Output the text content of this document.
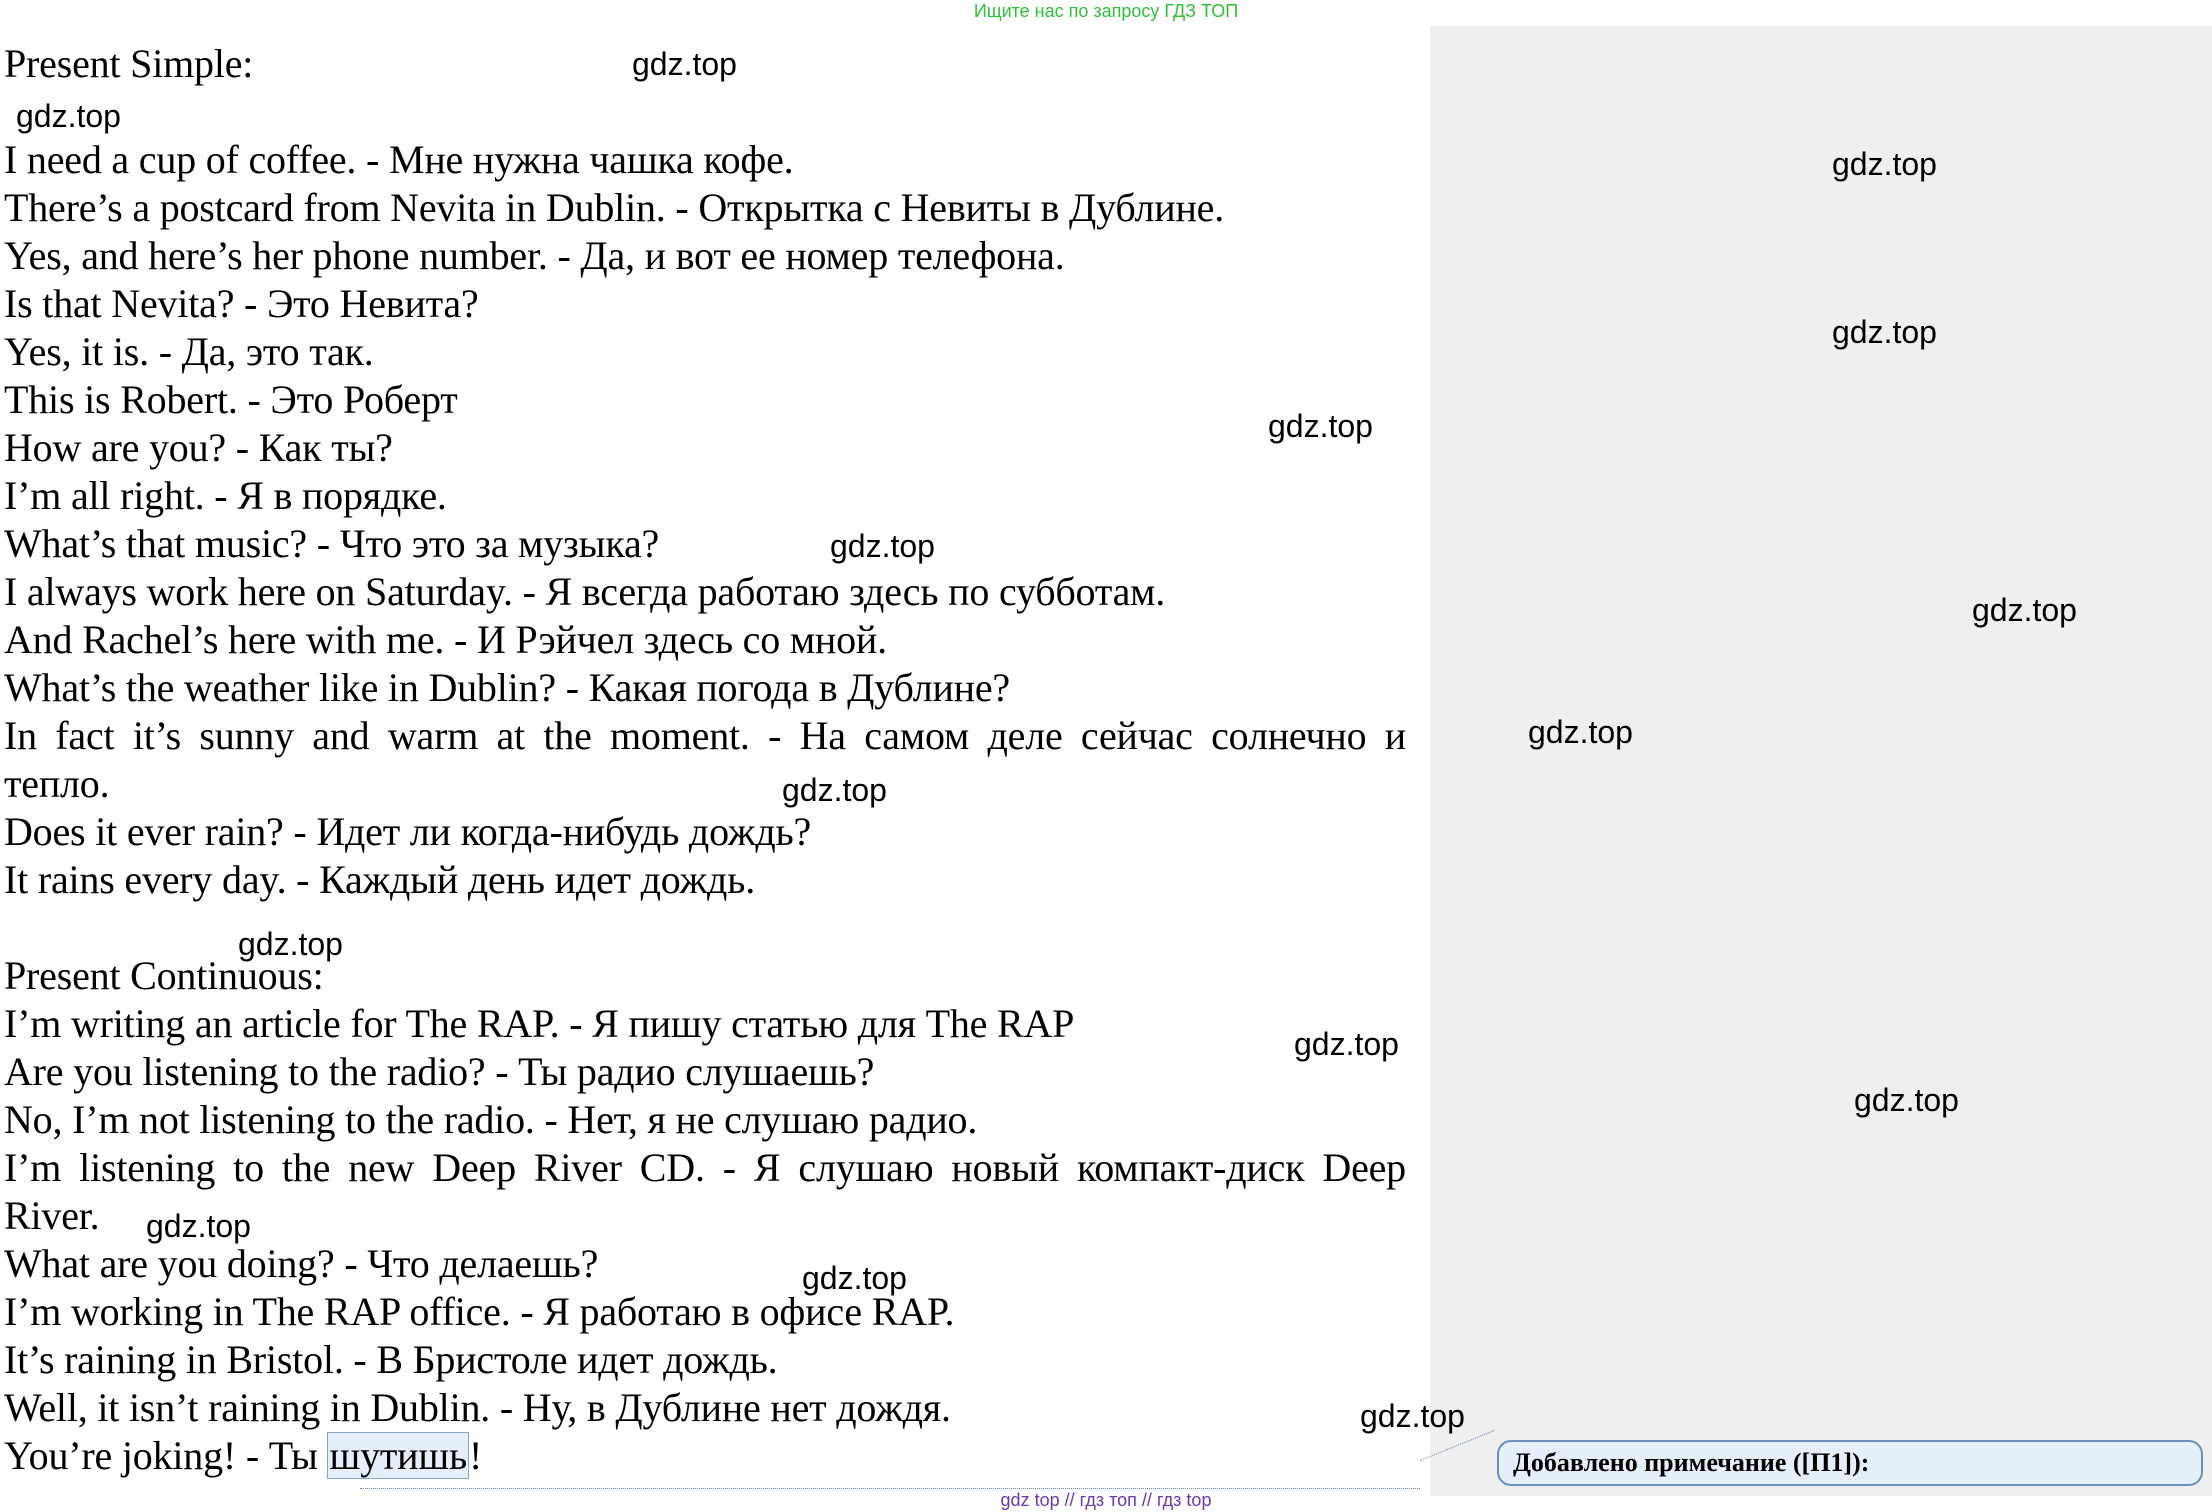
Ищите нас по запросу ГДЗ ТОП
Present Simple:
I need a cup of coffee. - Мне нужна чашка кофе.
There’s a postcard from Nevita in Dublin. - Открытка с Невиты в Дублине.
Yes, and here’s her phone number. - Да, и вот ее номер телефона.
Is that Nevita? - Это Невита?
Yes, it is. - Да, это так.
This is Robert. - Это Роберт
How are you? - Как ты?
I’m all right. - Я в порядке.
What’s that music? - Что это за музыка?
I always work here on Saturday. - Я всегда работаю здесь по субботам.
And Rachel’s here with me. - И Рэйчел здесь со мной.
What’s the weather like in Dublin? - Какая погода в Дублине?
In fact it’s sunny and warm at the moment. - На самом деле сейчас солнечно и
тепло.
Does it ever rain? - Идет ли когда-нибудь дождь?
It rains every day. - Каждый день идет дождь.
Present Continuous:
I’m writing an article for The RAP. - Я пишу статью для The RAP
Are you listening to the radio? - Ты радио слушаешь?
No, I’m not listening to the radio. - Нет, я не слушаю радио.
I’m listening to the new Deep River CD. - Я слушаю новый компакт-диск Deep
River.
What are you doing? - Что делаешь?
I’m working in The RAP office. - Я работаю в офисе RAP.
It’s raining in Bristol. - В Бристоле идет дождь.
Well, it isn’t raining in Dublin. - Ну, в Дублине нет дождя.
You’re joking! - Ты шутишь!
gdz.top
gdz.top
gdz.top
gdz.top
gdz.top
gdz.top
gdz.top
gdz.top
gdz.top
gdz.top
gdz.top
gdz.top
gdz.top
gdz.top
gdz.top
Добавлено примечание ([П1]):
gdz top // гдз топ // гдз top
